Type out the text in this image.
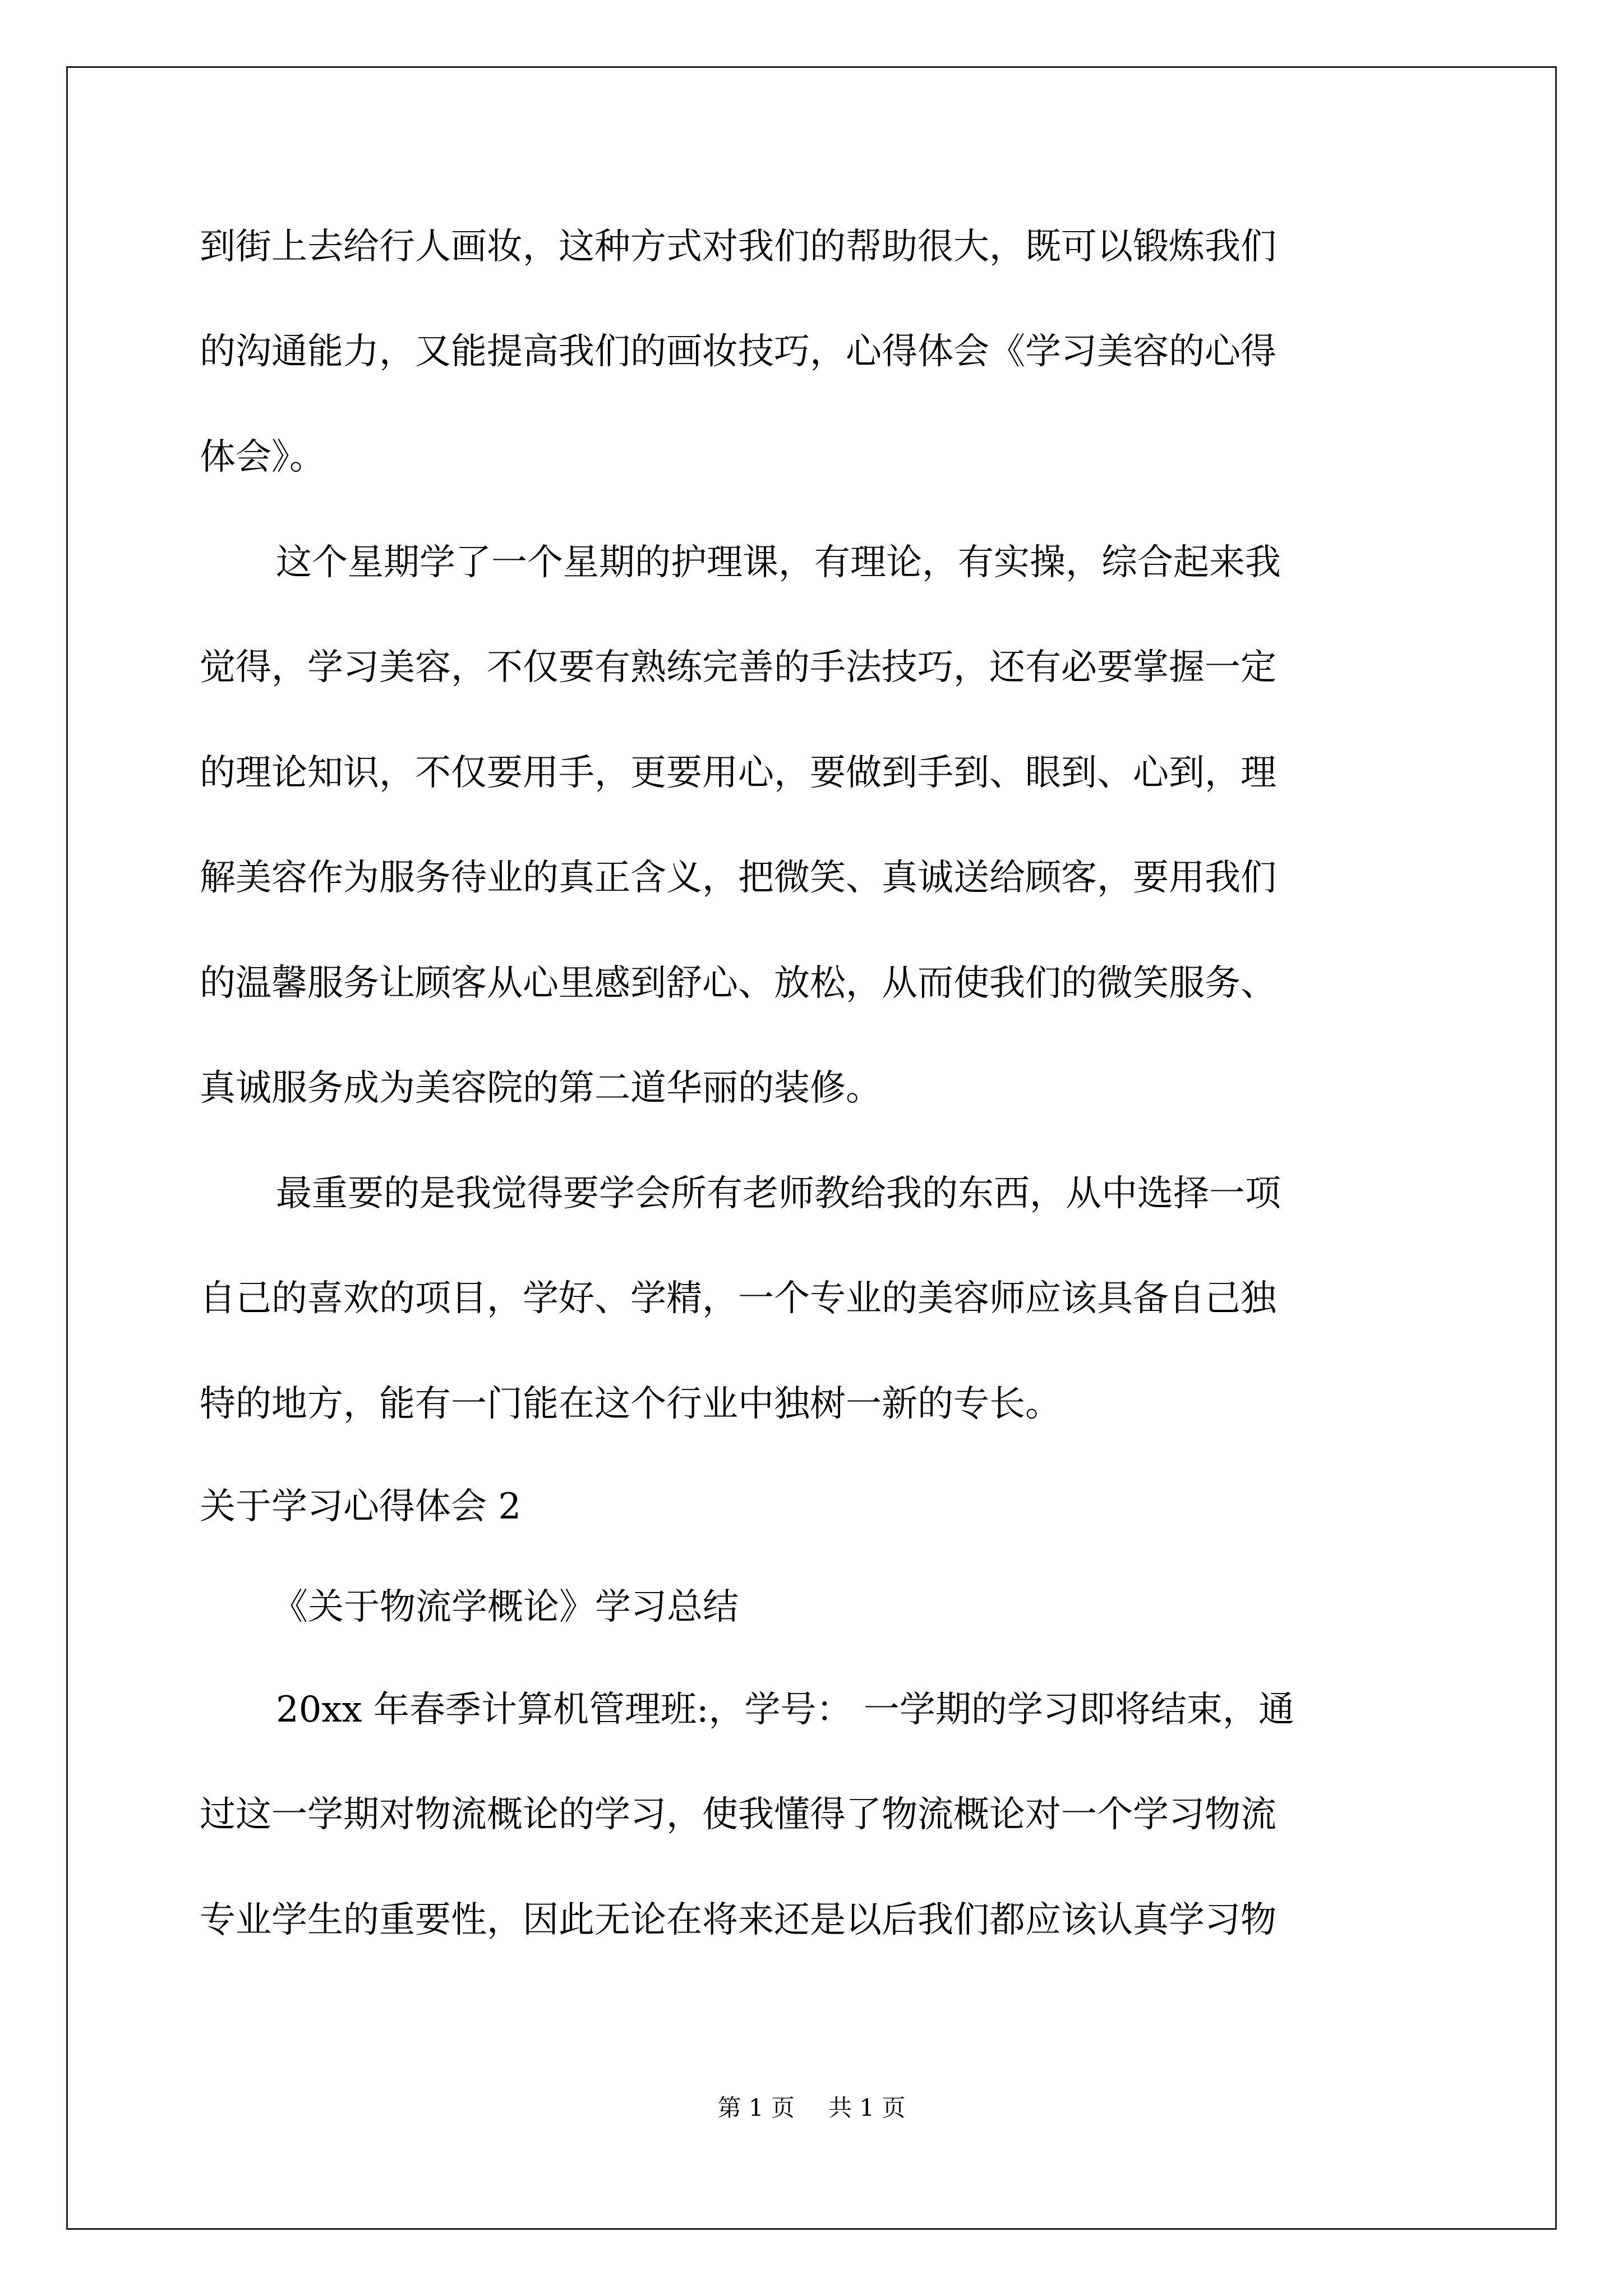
到街上去给行人画妆，这种方式对我们的帮助很大，既可以锻炼我们
的沟通能力，又能提高我们的画妆技巧，心得体会《学习美容的心得
体会》。
这个星期学了一个星期的护理课，有理论，有实操，综合起来我
觉得，学习美容，不仅要有熟练完善的手法技巧，还有必要掌握一定
的理论知识，不仅要用手，更要用心，要做到手到、眼到、心到，理
解美容作为服务待业的真正含义，把微笑、真诚送给顾客，要用我们
的温馨服务让顾客从心里感到舒心、放松，从而使我们的微笑服务、
真诚服务成为美容院的第二道华丽的装修。
最重要的是我觉得要学会所有老师教给我的东西，从中选择一项
自己的喜欢的项目，学好、学精，一个专业的美容师应该具备自己独
特的地方，能有一门能在这个行业中独树一新的专长。
关于学习心得体会 2
《关于物流学概论》学习总结
20xx 年春季计算机管理班:，学号： 一学期的学习即将结束，通
过这一学期对物流概论的学习，使我懂得了物流概论对一个学习物流
专业学生的重要性，因此无论在将来还是以后我们都应该认真学习物
第 1 页 共 1 页
